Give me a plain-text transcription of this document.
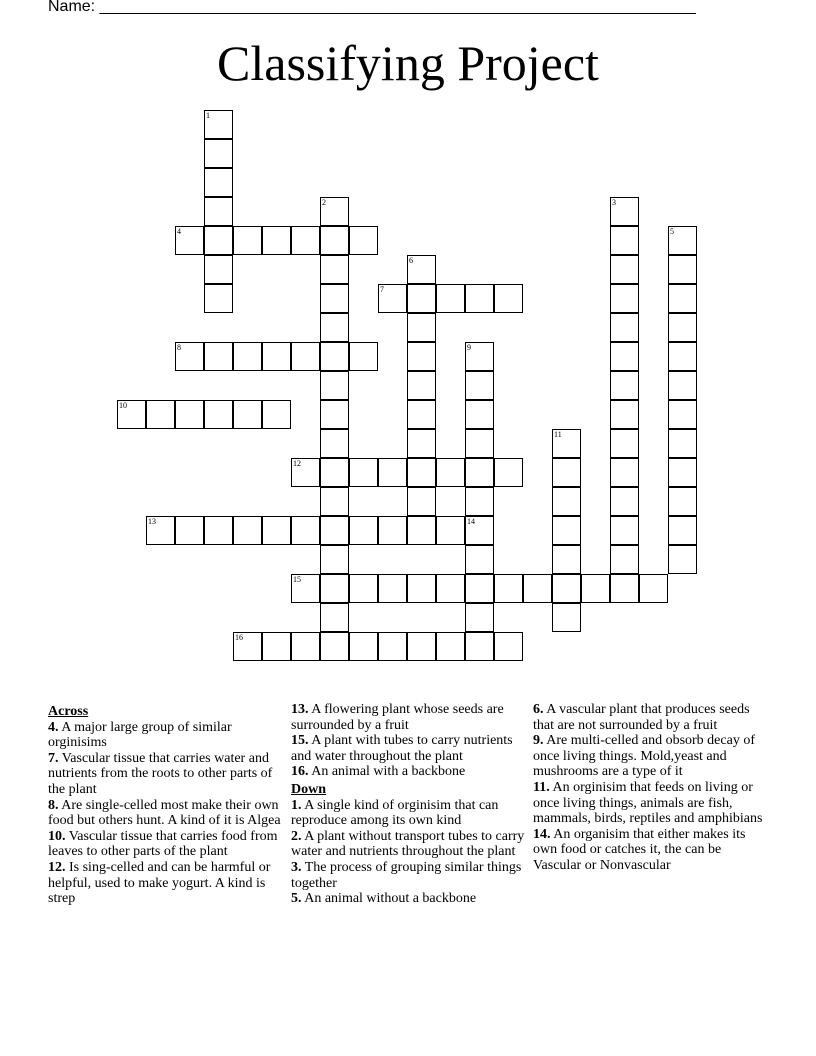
Name: ___________________________________________________________________
Classifying Project
1
2	3
4	5
6
7
8	9
10
11
12
13	14
15
16
Across

4. A major large group of similar orginisims

7. Vascular tissue that carries water and nutrients from the roots to other parts of the plant

8. Are single-celled most make their own food but others hunt. A kind of it is Algea

10. Vascular tissue that carries food from leaves to other parts of the plant

12. Is sing-celled and can be harmful or helpful, used to make yogurt. A kind is strep

13. A flowering plant whose seeds are surrounded by a fruit

15. A plant with tubes to carry nutrients and water throughout the plant

16. An animal with a backbone

Down

1. A single kind of orginisim that can reproduce among its own kind

2. A plant without transport tubes to carry water and nutrients throughout the plant

3. The process of grouping similar things together

5. An animal without a backbone

6. A vascular plant that produces seeds that are not surrounded by a fruit

9. Are multi-celled and obsorb decay of once living things. Mold,yeast and mushrooms are a type of it

11. An orginisim that feeds on living or once living things, animals are fish, mammals, birds, reptiles and amphibians

14. An organisim that either makes its own food or catches it, the can be Vascular or Nonvascular
